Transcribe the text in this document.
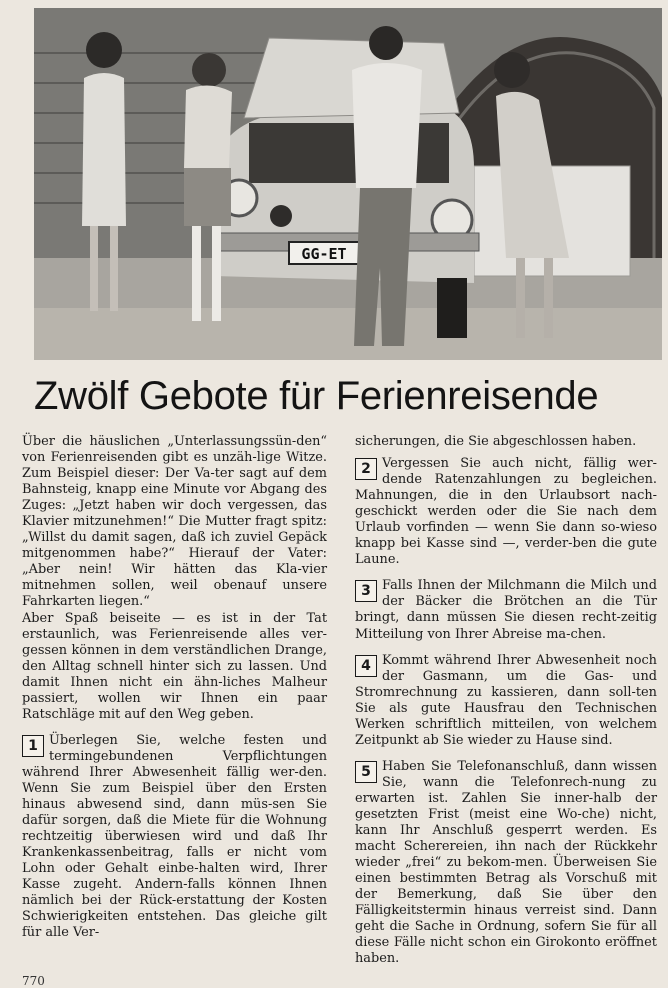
GG-ET
Zwölf Gebote für Ferienreisende

Über die häuslichen „Unterlassungssün-den“ von Ferienreisenden gibt es unzäh-lige Witze. Zum Beispiel dieser: Der Va-ter sagt auf dem Bahnsteig, knapp eine Minute vor Abgang des Zuges: „Jetzt haben wir doch vergessen, das Klavier mitzunehmen!“ Die Mutter fragt spitz: „Willst du damit sagen, daß ich zuviel Gepäck mitgenommen habe?“ Hierauf der Vater: „Aber nein! Wir hätten das Kla-vier mitnehmen sollen, weil obenauf unsere Fahrkarten liegen.“

Aber Spaß beiseite — es ist in der Tat erstaunlich, was Ferienreisende alles ver-gessen können in dem verständlichen Drange, den Alltag schnell hinter sich zu lassen. Und damit Ihnen nicht ein ähn-liches Malheur passiert, wollen wir Ihnen ein paar Ratschläge mit auf den Weg geben.

1 Überlegen Sie, welche festen und termingebundenen Verpflichtungen während Ihrer Abwesenheit fällig wer-den. Wenn Sie zum Beispiel über den Ersten hinaus abwesend sind, dann müs-sen Sie dafür sorgen, daß die Miete für die Wohnung rechtzeitig überwiesen wird und daß Ihr Krankenkassenbeitrag, falls er nicht vom Lohn oder Gehalt einbe-halten wird, Ihrer Kasse zugeht. Andern-falls können Ihnen nämlich bei der Rück-erstattung der Kosten Schwierigkeiten entstehen. Das gleiche gilt für alle Ver-

sicherungen, die Sie abgeschlossen haben.

2 Vergessen Sie auch nicht, fällig wer-dende Ratenzahlungen zu begleichen. Mahnungen, die in den Urlaubsort nach-geschickt werden oder die Sie nach dem Urlaub vorfinden — wenn Sie dann so-wieso knapp bei Kasse sind —, verder-ben die gute Laune.

3 Falls Ihnen der Milchmann die Milch und der Bäcker die Brötchen an die Tür bringt, dann müssen Sie diesen recht-zeitig Mitteilung von Ihrer Abreise ma-chen.

4 Kommt während Ihrer Abwesenheit noch der Gasmann, um die Gas- und Stromrechnung zu kassieren, dann soll-ten Sie als gute Hausfrau den Technischen Werken schriftlich mitteilen, von welchem Zeitpunkt ab Sie wieder zu Hause sind.

5 Haben Sie Telefonanschluß, dann wissen Sie, wann die Telefonrech-nung zu erwarten ist. Zahlen Sie inner-halb der gesetzten Frist (meist eine Wo-che) nicht, kann Ihr Anschluß gesperrt werden. Es macht Scherereien, ihn nach der Rückkehr wieder „frei“ zu bekom-men. Überweisen Sie einen bestimmten Betrag als Vorschuß mit der Bemerkung, daß Sie über den Fälligkeitstermin hinaus verreist sind. Dann geht die Sache in Ordnung, sofern Sie für all diese Fälle nicht schon ein Girokonto eröffnet haben.

770
